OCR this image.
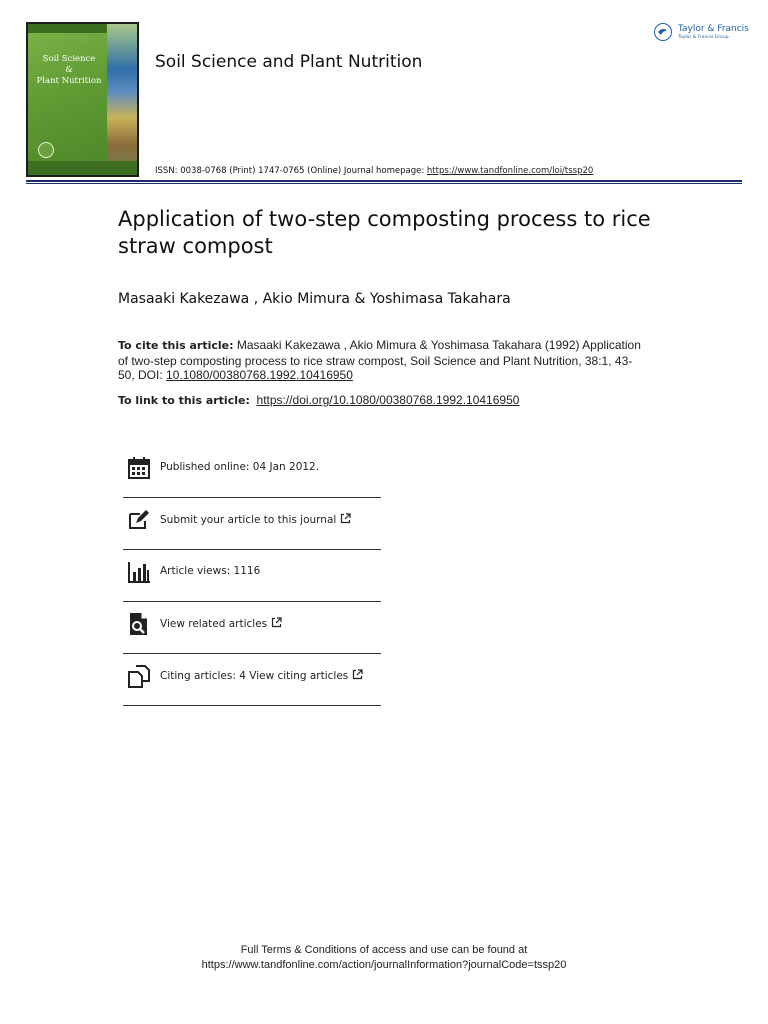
Soil Science
&
Plant Nutrition
Soil Science and Plant Nutrition
Taylor & Francis
Taylor & Francis Group
ISSN: 0038-0768 (Print) 1747-0765 (Online) Journal homepage: https://www.tandfonline.com/loi/tssp20
Application of two-step composting process to rice straw compost
Masaaki Kakezawa , Akio Mimura & Yoshimasa Takahara
To cite this article: Masaaki Kakezawa , Akio Mimura & Yoshimasa Takahara (1992) Application of two-step composting process to rice straw compost, Soil Science and Plant Nutrition, 38:1, 43-50, DOI: 10.1080/00380768.1992.10416950
To link to this article: https://doi.org/10.1080/00380768.1992.10416950
Published online: 04 Jan 2012.
Submit your article to this journal
Article views: 1116
View related articles
Citing articles: 4 View citing articles
Full Terms & Conditions of access and use can be found at
https://www.tandfonline.com/action/journalInformation?journalCode=tssp20
